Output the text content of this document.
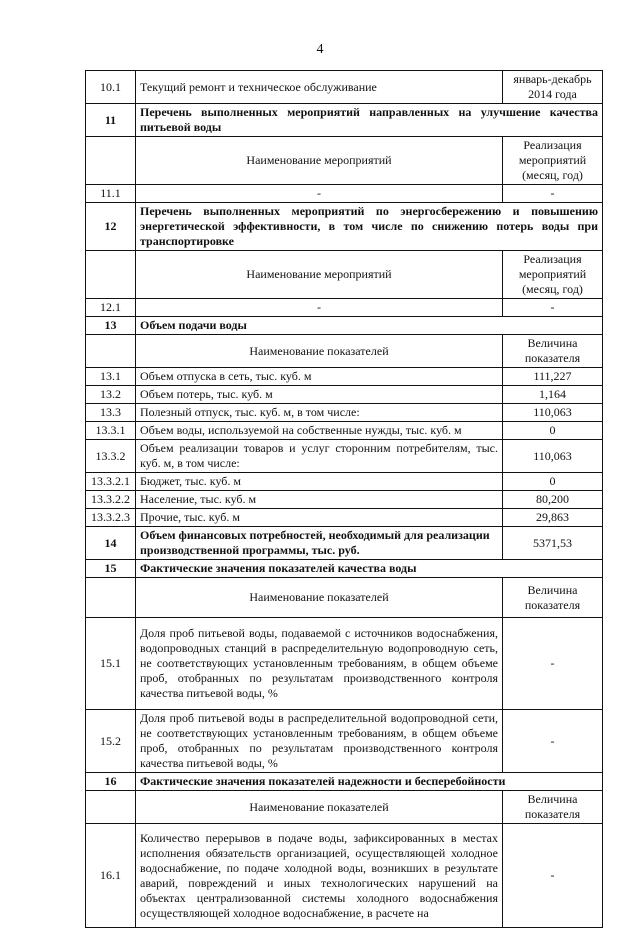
4
10.1	Текущий ремонт и техническое обслуживание	январь-декабрь 2014 года
11	Перечень выполненных мероприятий направленных на улучшение качества питьевой воды	
	Наименование мероприятий	Реализация мероприятий (месяц, год)
11.1	-	-
12	Перечень выполненных мероприятий по энергосбережению и повышению энергетической эффективности, в том числе по снижению потерь воды при транспортировке	
	Наименование мероприятий	Реализация мероприятий (месяц, год)
12.1	-	-
13	Объем подачи воды	
	Наименование показателей	Величина показателя
13.1	Объем отпуска в сеть, тыс. куб. м	111,227
13.2	Объем потерь, тыс. куб. м	1,164
13.3	Полезный отпуск, тыс. куб. м, в том числе:	110,063
13.3.1	Объем воды, используемой на собственные нужды, тыс. куб. м	0
13.3.2	Объем реализации товаров и услуг сторонним потребителям, тыс. куб. м, в том числе:	110,063
13.3.2.1	Бюджет, тыс. куб. м	0
13.3.2.2	Население, тыс. куб. м	80,200
13.3.2.3	Прочие, тыс. куб. м	29,863
14	Объем финансовых потребностей, необходимый для реализации производственной программы, тыс. руб.	5371,53
15	Фактические значения показателей качества воды	
	Наименование показателей	Величина показателя
15.1	Доля проб питьевой воды, подаваемой с источников водоснабжения, водопроводных станций в распределительную водопроводную сеть, не соответствующих установленным требованиям, в общем объеме проб, отобранных по результатам производственного контроля качества питьевой воды, %	-
15.2	Доля проб питьевой воды в распределительной водопроводной сети, не соответствующих установленным требованиям, в общем объеме проб, отобранных по результатам производственного контроля качества питьевой воды, %	-
16	Фактические значения показателей надежности и бесперебойности	
	Наименование показателей	Величина показателя
16.1	Количество перерывов в подаче воды, зафиксированных в местах исполнения обязательств организацией, осуществляющей холодное водоснабжение, по подаче холодной воды, возникших в результате аварий, повреждений и иных технологических нарушений на объектах централизованной системы холодного водоснабжения осуществляющей холодное водоснабжение, в расчете на	-
